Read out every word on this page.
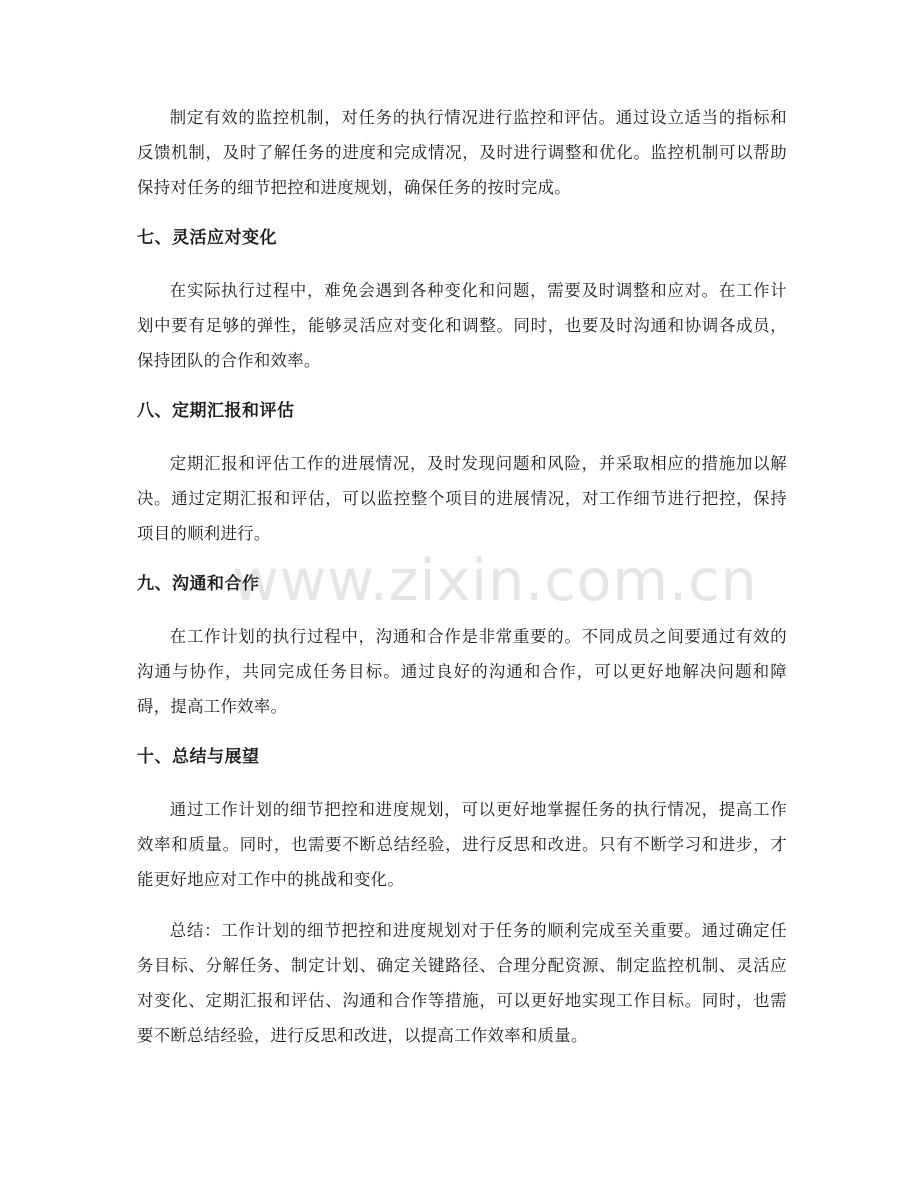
制定有效的监控机制，对任务的执行情况进行监控和评估。通过设立适当的指标和反馈机制，及时了解任务的进度和完成情况，及时进行调整和优化。监控机制可以帮助保持对任务的细节把控和进度规划，确保任务的按时完成。

七、灵活应对变化

在实际执行过程中，难免会遇到各种变化和问题，需要及时调整和应对。在工作计划中要有足够的弹性，能够灵活应对变化和调整。同时，也要及时沟通和协调各成员，保持团队的合作和效率。

八、定期汇报和评估

定期汇报和评估工作的进展情况，及时发现问题和风险，并采取相应的措施加以解决。通过定期汇报和评估，可以监控整个项目的进展情况，对工作细节进行把控，保持项目的顺利进行。

九、沟通和合作

在工作计划的执行过程中，沟通和合作是非常重要的。不同成员之间要通过有效的沟通与协作，共同完成任务目标。通过良好的沟通和合作，可以更好地解决问题和障碍，提高工作效率。

十、总结与展望

通过工作计划的细节把控和进度规划，可以更好地掌握任务的执行情况，提高工作效率和质量。同时，也需要不断总结经验，进行反思和改进。只有不断学习和进步，才能更好地应对工作中的挑战和变化。

总结：工作计划的细节把控和进度规划对于任务的顺利完成至关重要。通过确定任务目标、分解任务、制定计划、确定关键路径、合理分配资源、制定监控机制、灵活应对变化、定期汇报和评估、沟通和合作等措施，可以更好地实现工作目标。同时，也需要不断总结经验，进行反思和改进，以提高工作效率和质量。

www.zixin.com.cn
